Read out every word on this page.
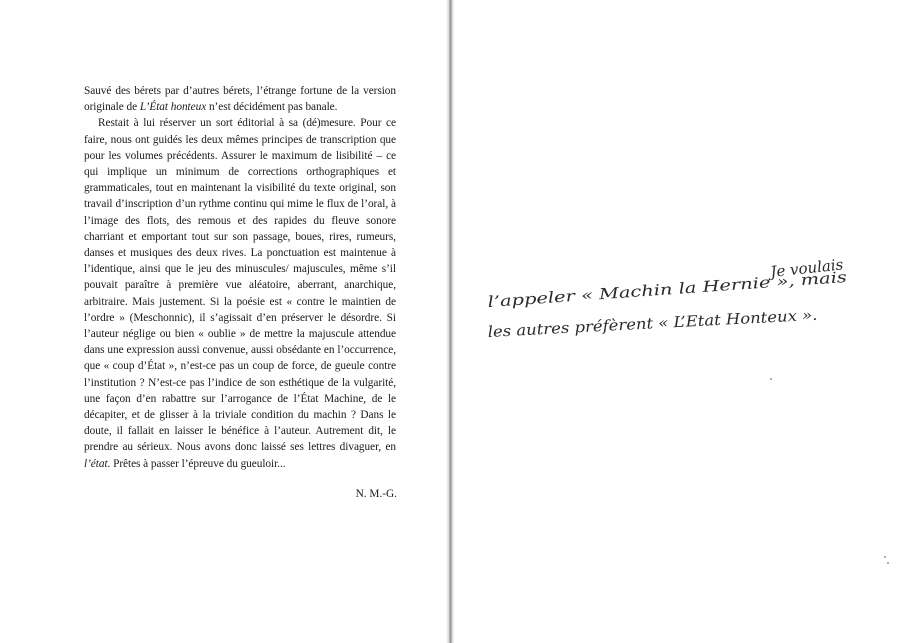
Sauvé des bérets par d’autres bérets, l’étrange fortune de la version originale de L’État honteux n’est décidément pas banale.

Restait à lui réserver un sort éditorial à sa (dé)mesure. Pour ce faire, nous ont guidés les deux mêmes principes de transcription que pour les volumes précédents. Assurer le maximum de lisibilité – ce qui implique un minimum de corrections orthographiques et grammaticales, tout en maintenant la visibilité du texte original, son travail d’inscription d’un rythme continu qui mime le flux de l’oral, à l’image des flots, des remous et des rapides du fleuve sonore charriant et emportant tout sur son passage, boues, rires, rumeurs, danses et musiques des deux rives. La ponctuation est maintenue à l’identique, ainsi que le jeu des minuscules/ majuscules, même s’il pouvait paraître à première vue aléatoire, aberrant, anarchique, arbitraire. Mais justement. Si la poésie est « contre le maintien de l’ordre » (Meschonnic), il s’agissait d’en préserver le désordre. Si l’auteur néglige ou bien « oublie » de mettre la majuscule attendue dans une expression aussi convenue, aussi obsédante en l’occurrence, que « coup d’État », n’est-ce pas un coup de force, de gueule contre l’institution ? N’est-ce pas l’indice de son esthétique de la vulgarité, une façon d’en rabattre sur l’arrogance de l’État Machine, de le décapiter, et de glisser à la triviale condition du machin ? Dans le doute, il fallait en laisser le bénéfice à l’auteur. Autrement dit, le prendre au sérieux. Nous avons donc laissé ses lettres divaguer, en l’état. Prêtes à passer l’épreuve du gueuloir...

N. M.-G.
Je voulais
l’appeler « Machin la Hernie », mais
les autres préfèrent « L’Etat Honteux ».
